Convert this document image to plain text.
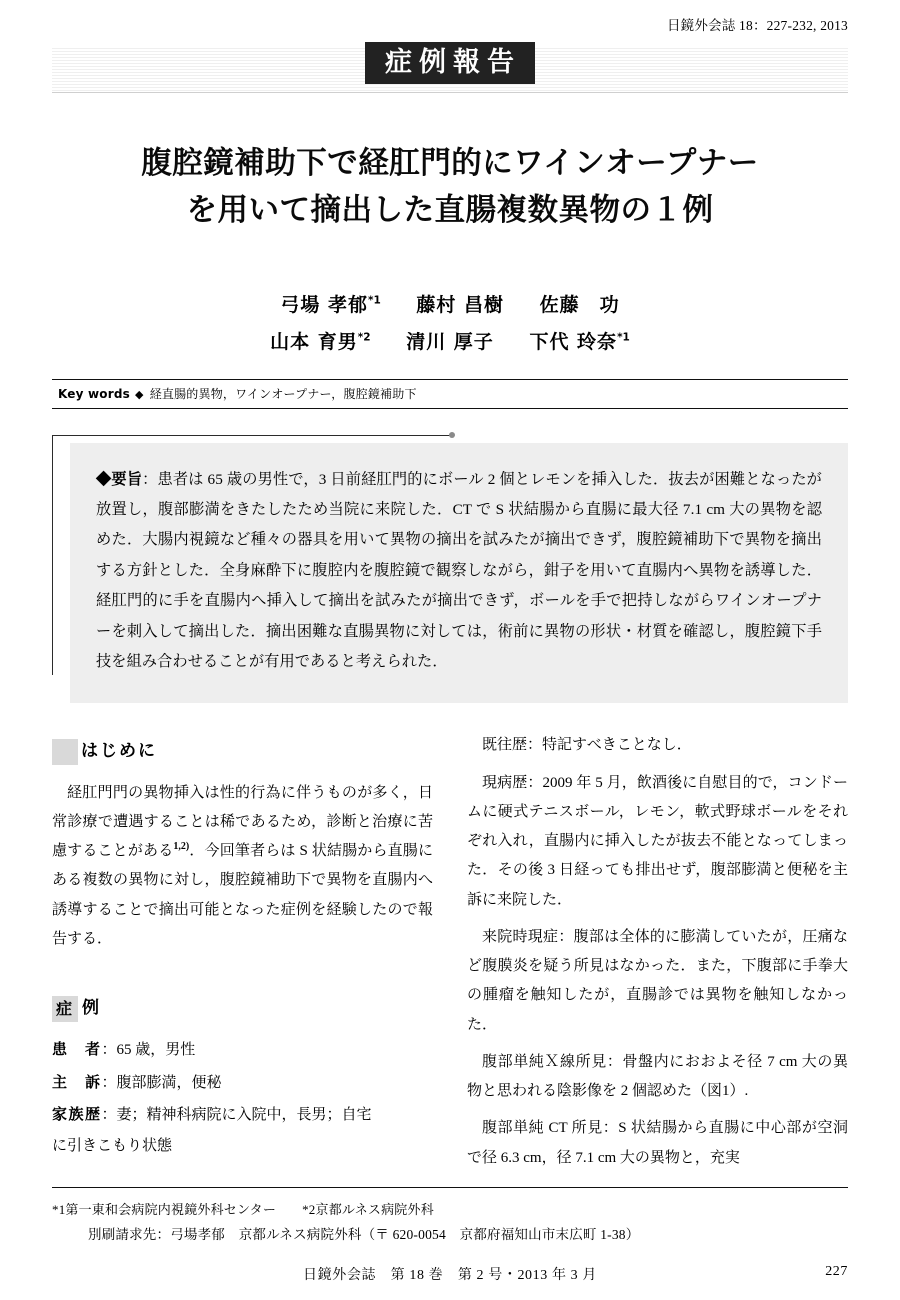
日鏡外会誌 18：227-232, 2013
症例報告
腹腔鏡補助下で経肛門的にワインオープナー
を用いて摘出した直腸複数異物の１例
弓場 孝郁$^{*1}$ 藤村 昌樹 佐藤　功
山本 育男$^{*2}$ 清川 厚子 下代 玲奈$^{*1}$
Key words ◆ 経直腸的異物，ワインオープナー，腹腔鏡補助下
◆要旨：患者は 65 歳の男性で，3 日前経肛門的にボール 2 個とレモンを挿入した．抜去が困難となったが放置し，腹部膨満をきたしたため当院に来院した．CT で S 状結腸から直腸に最大径 7.1 cm 大の異物を認めた．大腸内視鏡など種々の器具を用いて異物の摘出を試みたが摘出できず，腹腔鏡補助下で異物を摘出する方針とした．全身麻酔下に腹腔内を腹腔鏡で観察しながら，鉗子を用いて直腸内へ異物を誘導した．経肛門的に手を直腸内へ挿入して摘出を試みたが摘出できず，ボールを手で把持しながらワインオープナーを刺入して摘出した．摘出困難な直腸異物に対しては，術前に異物の形状・材質を確認し，腹腔鏡下手技を組み合わせることが有用であると考えられた．
はじめに

経肛門門の異物挿入は性的行為に伴うものが多く，日常診療で遭遇することは稀であるため，診断と治療に苦慮することがある$^{1,2)}$．今回筆者らは S 状結腸から直腸にある複数の異物に対し，腹腔鏡補助下で異物を直腸内へ誘導することで摘出可能となった症例を経験したので報告する．

症 例

患　者：65 歳，男性

主　訴：腹部膨満，便秘

家族歴：妻；精神科病院に入院中，長男；自宅

に引きこもり状態

既往歴：特記すべきことなし．

現病歴：2009 年 5 月，飲酒後に自慰目的で，コンドームに硬式テニスボール，レモン，軟式野球ボールをそれぞれ入れ，直腸内に挿入したが抜去不能となってしまった．その後 3 日経っても排出せず，腹部膨満と便秘を主訴に来院した．

来院時現症：腹部は全体的に膨満していたが，圧痛など腹膜炎を疑う所見はなかった．また，下腹部に手拳大の腫瘤を触知したが，直腸診では異物を触知しなかった．

腹部単純Ｘ線所見：骨盤内におおよそ径 7 cm 大の異物と思われる陰影像を 2 個認めた（図1）.

腹部単純 CT 所見：S 状結腸から直腸に中心部が空洞で径 6.3 cm，径 7.1 cm 大の異物と，充実

*1第一東和会病院内視鏡外科センター *2京都ルネス病院外科
別刷請求先：弓場孝郁　京都ルネス病院外科（〒 620-0054　京都府福知山市末広町 1-38）
日鏡外会誌　第 18 巻　第 2 号・2013 年 3 月	227
